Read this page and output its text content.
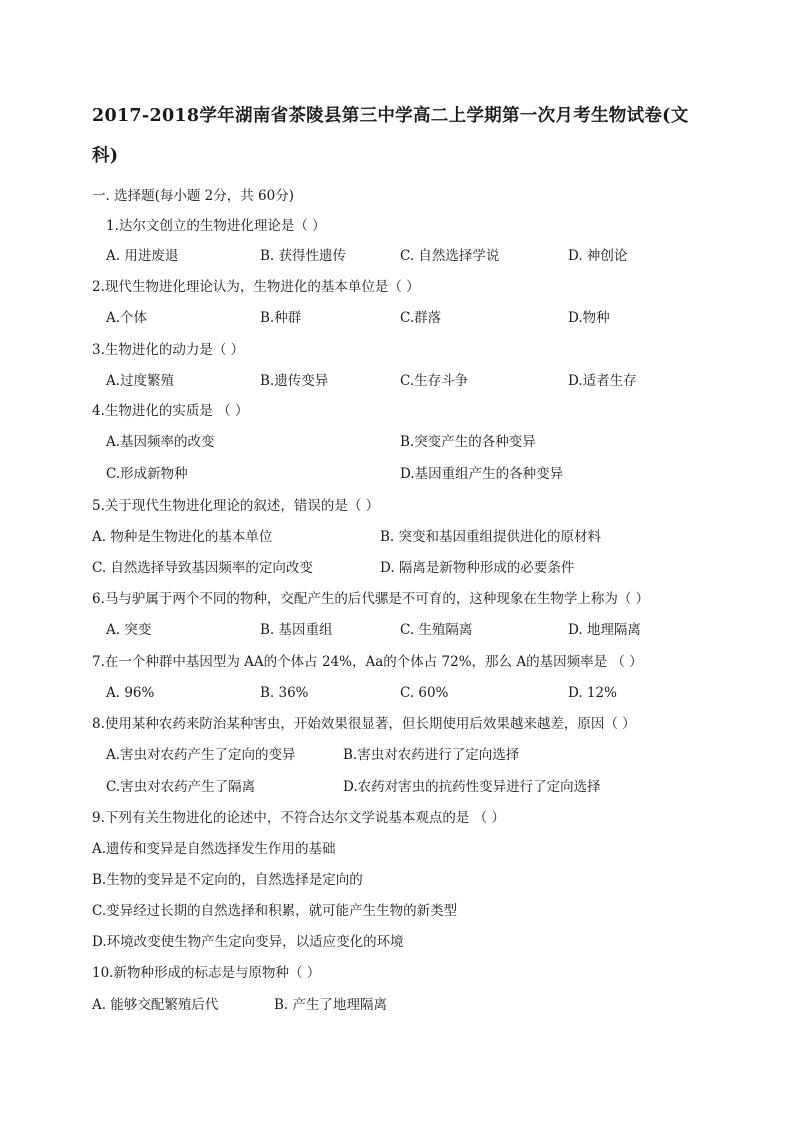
2017-2018学年湖南省茶陵县第三中学高二上学期第一次月考生物试卷(文
科)
一. 选择题(每小题 2分，共 60分)
1.达尔文创立的生物进化理论是（ ）
A. 用进废退	B. 获得性遗传	C. 自然选择学说	D. 神创论
2.现代生物进化理论认为，生物进化的基本单位是（ ）
A.个体	B.种群	C.群落	D.物种
3.生物进化的动力是（ ）
A.过度繁殖	B.遗传变异	C.生存斗争	D.适者生存
4.生物进化的实质是 （ ）
A.基因频率的改变	B.突变产生的各种变异
C.形成新物种	D.基因重组产生的各种变异
5.关于现代生物进化理论的叙述，错误的是（ ）
A. 物种是生物进化的基本单位	B. 突变和基因重组提供进化的原材料
C. 自然选择导致基因频率的定向改变	D. 隔离是新物种形成的必要条件
6.马与驴属于两个不同的物种，交配产生的后代骡是不可育的，这种现象在生物学上称为（ ）
A. 突变	B. 基因重组	C. 生殖隔离	D. 地理隔离
7.在一个种群中基因型为 AA的个体占 24%，Aa的个体占 72%，那么 A的基因频率是 （ ）
A. 96%	B. 36%	C. 60%	D. 12%
8.使用某种农药来防治某种害虫，开始效果很显著，但长期使用后效果越来越差，原因（ ）
A.害虫对农药产生了定向的变异	B.害虫对农药进行了定向选择
C.害虫对农药产生了隔离	D.农药对害虫的抗药性变异进行了定向选择
9.下列有关生物进化的论述中，不符合达尔文学说基本观点的是 （ ）
A.遗传和变异是自然选择发生作用的基础
B.生物的变异是不定向的，自然选择是定向的
C.变异经过长期的自然选择和积累，就可能产生生物的新类型
D.环境改变使生物产生定向变异，以适应变化的环境
10.新物种形成的标志是与原物种（ ）
A. 能够交配繁殖后代	B. 产生了地理隔离
